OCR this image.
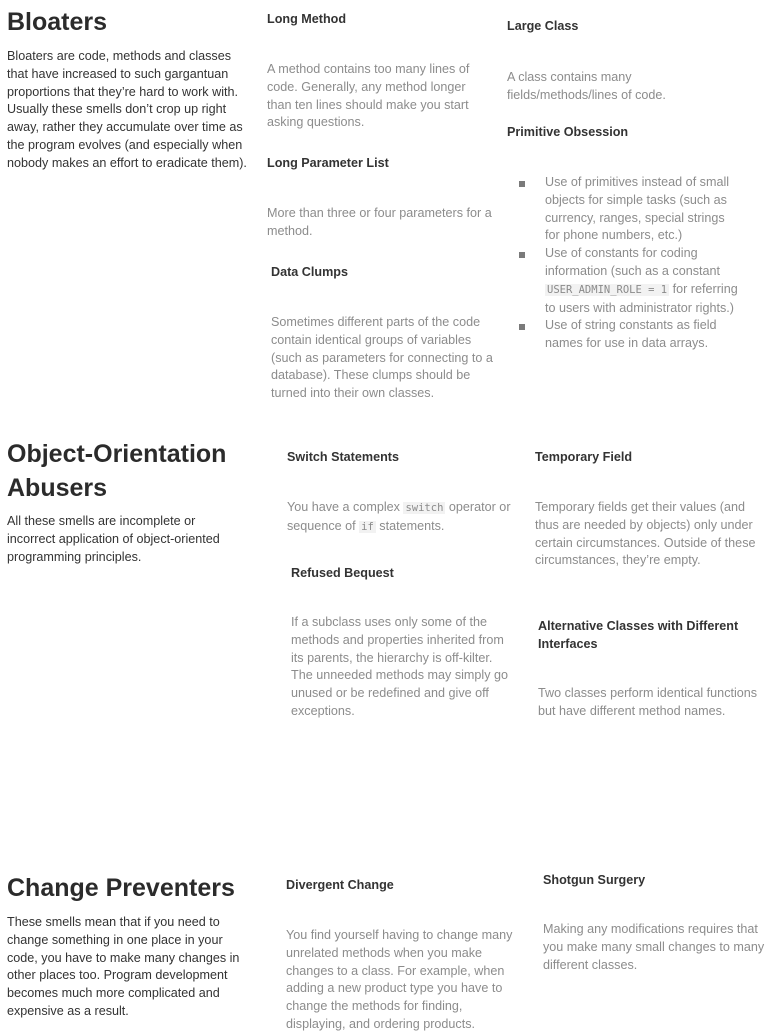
Bloaters

Bloaters are code, methods and classes that have increased to such gargantuan proportions that they’re hard to work with. Usually these smells don’t crop up right away, rather they accumulate over time as the program evolves (and especially when nobody makes an effort to eradicate them).

Long Method

A method contains too many lines of code. Generally, any method longer than ten lines should make you start asking questions.

Long Parameter List

More than three or four parameters for a method.

Data Clumps

Sometimes different parts of the code contain identical groups of variables (such as parameters for connecting to a database). These clumps should be turned into their own classes.

Large Class

A class contains many fields/methods/lines of code.

Primitive Obsession
Use of primitives instead of small objects for simple tasks (such as currency, ranges, special strings for phone numbers, etc.)
Use of constants for coding information (such as a constant USER_ADMIN_ROLE = 1 for referring to users with administrator rights.)
Use of string constants as field names for use in data arrays.
Object-Orientation
Abusers

All these smells are incomplete or incorrect application of object-oriented programming principles.

Switch Statements

You have a complex switch operator or sequence of if statements.

Refused Bequest

If a subclass uses only some of the methods and properties inherited from its parents, the hierarchy is off-kilter. The unneeded methods may simply go unused or be redefined and give off exceptions.

Temporary Field

Temporary fields get their values (and thus are needed by objects) only under certain circumstances. Outside of these circumstances, they’re empty.

Alternative Classes with Different Interfaces

Two classes perform identical functions but have different method names.

Change Preventers

These smells mean that if you need to change something in one place in your code, you have to make many changes in other places too. Program development becomes much more complicated and expensive as a result.

Divergent Change

You find yourself having to change many unrelated methods when you make changes to a class. For example, when adding a new product type you have to change the methods for finding, displaying, and ordering products.

Shotgun Surgery

Making any modifications requires that you make many small changes to many different classes.
